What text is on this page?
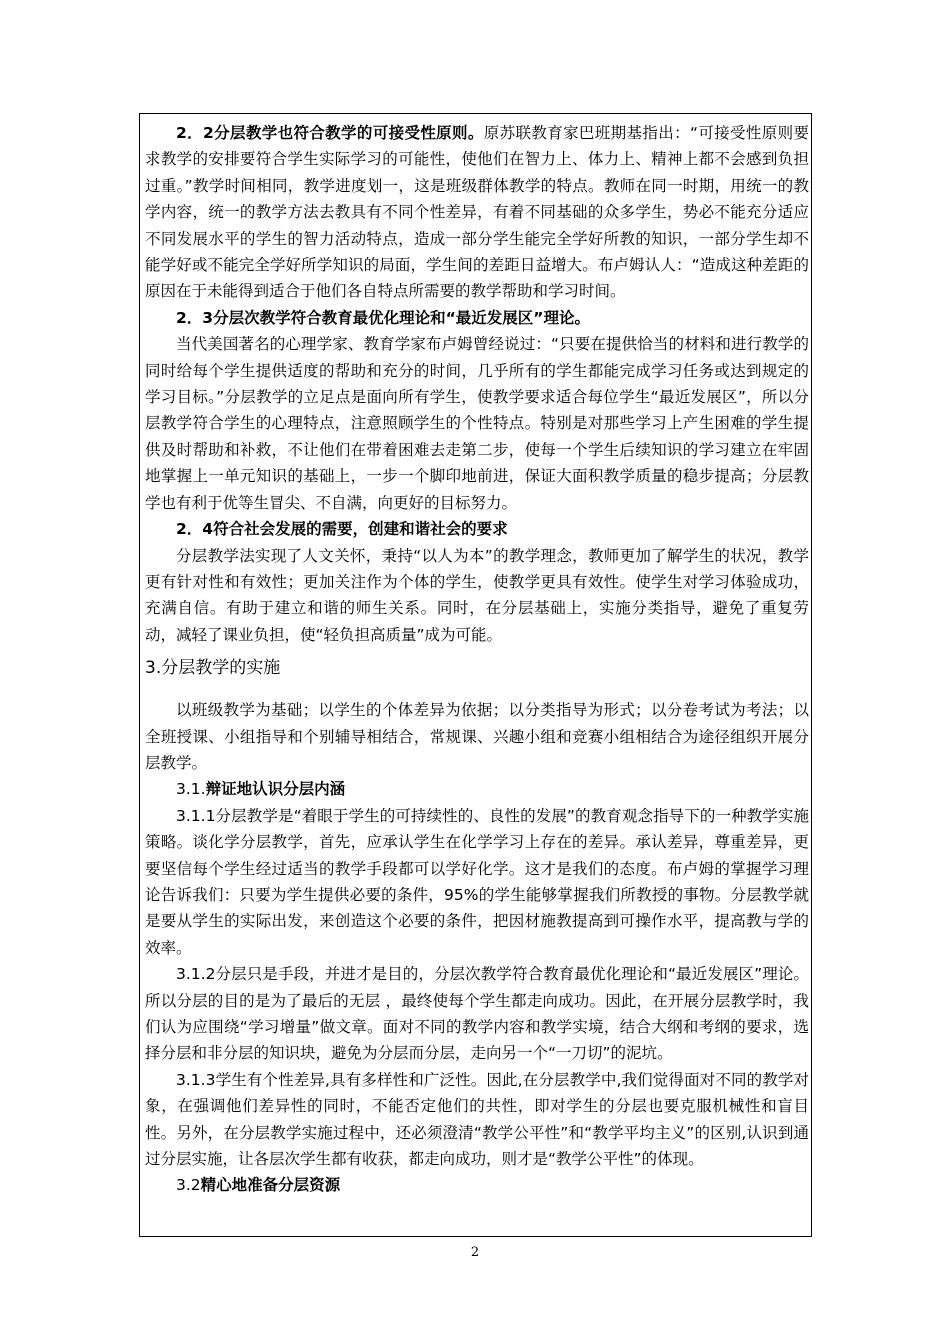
2．2分层教学也符合教学的可接受性原则。原苏联教育家巴班期基指出：“可接受性原则要求教学的安排要符合学生实际学习的可能性，使他们在智力上、体力上、精神上都不会感到负担过重。”教学时间相同，教学进度划一，这是班级群体教学的特点。教师在同一时期，用统一的教学内容，统一的教学方法去教具有不同个性差异，有着不同基础的众多学生，势必不能充分适应不同发展水平的学生的智力活动特点，造成一部分学生能完全学好所教的知识，一部分学生却不能学好或不能完全学好所学知识的局面，学生间的差距日益增大。布卢姆认人：“造成这种差距的原因在于未能得到适合于他们各自特点所需要的教学帮助和学习时间。

2．3分层次教学符合教育最优化理论和“最近发展区”理论。

当代美国著名的心理学家、教育学家布卢姆曾经说过：“只要在提供恰当的材料和进行教学的同时给每个学生提供适度的帮助和充分的时间，几乎所有的学生都能完成学习任务或达到规定的学习目标。”分层教学的立足点是面向所有学生，使教学要求适合每位学生“最近发展区”，所以分层教学符合学生的心理特点，注意照顾学生的个性特点。特别是对那些学习上产生困难的学生提供及时帮助和补救，不让他们在带着困难去走第二步，使每一个学生后续知识的学习建立在牢固地掌握上一单元知识的基础上，一步一个脚印地前进，保证大面积教学质量的稳步提高；分层教学也有利于优等生冒尖、不自满，向更好的目标努力。

2．4符合社会发展的需要，创建和谐社会的要求

分层教学法实现了人文关怀，秉持“以人为本”的教学理念，教师更加了解学生的状况，教学更有针对性和有效性；更加关注作为个体的学生，使教学更具有效性。使学生对学习体验成功，充满自信。有助于建立和谐的师生关系。同时，在分层基础上，实施分类指导，避免了重复劳动，减轻了课业负担，使“轻负担高质量”成为可能。

3.分层教学的实施

以班级教学为基础；以学生的个体差异为依据；以分类指导为形式；以分卷考试为考法；以全班授课、小组指导和个别辅导相结合，常规课、兴趣小组和竞赛小组相结合为途径组织开展分层教学。

3.1.辩证地认识分层内涵

3.1.1分层教学是“着眼于学生的可持续性的、良性的发展”的教育观念指导下的一种教学实施策略。谈化学分层教学，首先，应承认学生在化学学习上存在的差异。承认差异，尊重差异，更要坚信每个学生经过适当的教学手段都可以学好化学。这才是我们的态度。布卢姆的掌握学习理论告诉我们：只要为学生提供必要的条件，95%的学生能够掌握我们所教授的事物。分层教学就是要从学生的实际出发，来创造这个必要的条件，把因材施教提高到可操作水平，提高教与学的效率。

3.1.2分层只是手段，并进才是目的，分层次教学符合教育最优化理论和“最近发展区”理论。所以分层的目的是为了最后的无层 ，最终使每个学生都走向成功。因此，在开展分层教学时，我们认为应围绕“学习增量”做文章。面对不同的教学内容和教学实境，结合大纲和考纲的要求，选择分层和非分层的知识块，避免为分层而分层，走向另一个“一刀切”的泥坑。

3.1.3学生有个性差异,具有多样性和广泛性。因此,在分层教学中,我们觉得面对不同的教学对象，在强调他们差异性的同时，不能否定他们的共性，即对学生的分层也要克服机械性和盲目性。另外，在分层教学实施过程中，还必须澄清“教学公平性”和“教学平均主义”的区别,认识到通过分层实施，让各层次学生都有收获，都走向成功，则才是“教学公平性”的体现。

3.2精心地准备分层资源

2
